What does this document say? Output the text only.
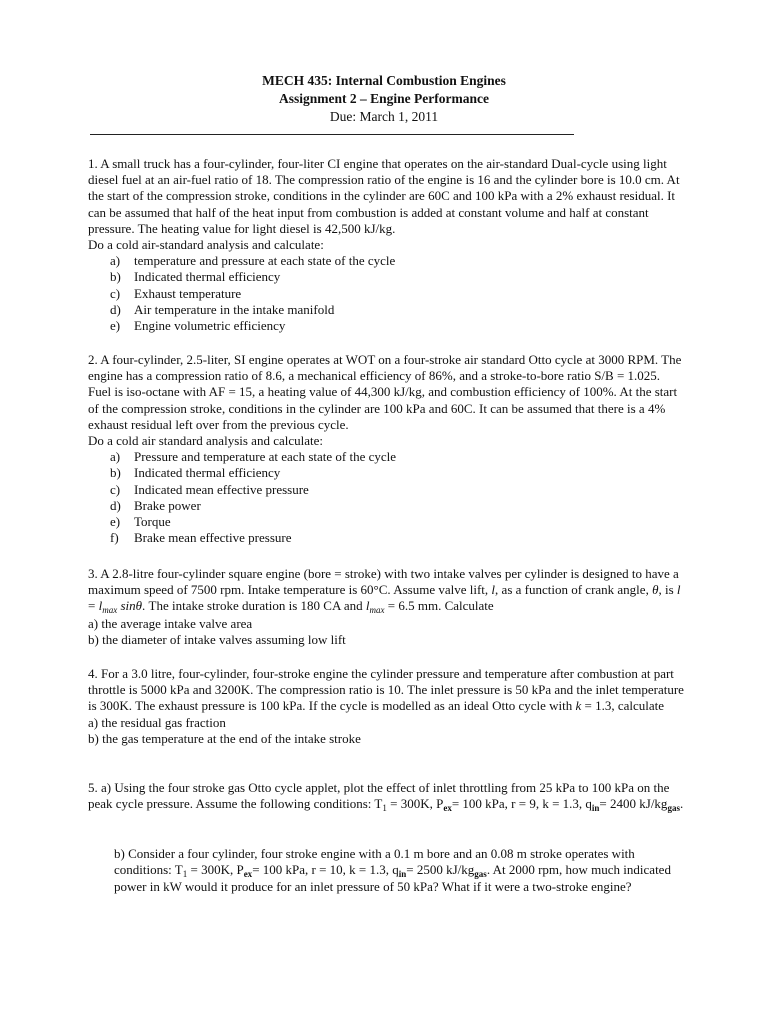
MECH 435: Internal Combustion Engines
Assignment 2 – Engine Performance
Due: March 1, 2011

1. A small truck has a four-cylinder, four-liter CI engine that operates on the air-standard Dual-cycle using light diesel fuel at an air-fuel ratio of 18. The compression ratio of the engine is 16 and the cylinder bore is 10.0 cm. At the start of the compression stroke, conditions in the cylinder are 60C and 100 kPa with a 2% exhaust residual. It can be assumed that half of the heat input from combustion is added at constant volume and half at constant pressure. The heating value for light diesel is 42,500 kJ/kg.

Do a cold air-standard analysis and calculate:

a) temperature and pressure at each state of the cycle
b) Indicated thermal efficiency
c) Exhaust temperature
d) Air temperature in the intake manifold
e) Engine volumetric efficiency

2. A four-cylinder, 2.5-liter, SI engine operates at WOT on a four-stroke air standard Otto cycle at 3000 RPM. The engine has a compression ratio of 8.6, a mechanical efficiency of 86%, and a stroke-to-bore ratio S/B = 1.025. Fuel is iso-octane with AF = 15, a heating value of 44,300 kJ/kg, and combustion efficiency of 100%. At the start of the compression stroke, conditions in the cylinder are 100 kPa and 60C. It can be assumed that there is a 4% exhaust residual left over from the previous cycle.

Do a cold air standard analysis and calculate:

a) Pressure and temperature at each state of the cycle
b) Indicated thermal efficiency
c) Indicated mean effective pressure
d) Brake power
e) Torque
f) Brake mean effective pressure

3. A 2.8-litre four-cylinder square engine (bore = stroke) with two intake valves per cylinder is designed to have a maximum speed of 7500 rpm. Intake temperature is 60°C. Assume valve lift, l, as a function of crank angle, θ, is $l = l_{max}$ sinθ. The intake stroke duration is 180 CA and $l_{max} = 6.5$ mm. Calculate

a) the average intake valve area

b) the diameter of intake valves assuming low lift

4. For a 3.0 litre, four-cylinder, four-stroke engine the cylinder pressure and temperature after combustion at part throttle is 5000 kPa and 3200K. The compression ratio is 10. The inlet pressure is 50 kPa and the inlet temperature is 300K. The exhaust pressure is 100 kPa. If the cycle is modelled as an ideal Otto cycle with k = 1.3, calculate

a) the residual gas fraction

b) the gas temperature at the end of the intake stroke

5. a) Using the four stroke gas Otto cycle applet, plot the effect of inlet throttling from 25 kPa to 100 kPa on the peak cycle pressure. Assume the following conditions: $T_1 = 300K$, $P_{ex}= 100$ kPa, r = 9, k = 1.3, $q_{in}= 2400$ $kJ/kg_{gas}$.

b) Consider a four cylinder, four stroke engine with a 0.1 m bore and an 0.08 m stroke operates with conditions: $T_1 = 300K$, $P_{ex}= 100$ kPa, r = 10, k = 1.3, $q_{in}= 2500$ $kJ/kg_{gas}$. At 2000 rpm, how much indicated power in kW would it produce for an inlet pressure of 50 kPa? What if it were a two-stroke engine?
